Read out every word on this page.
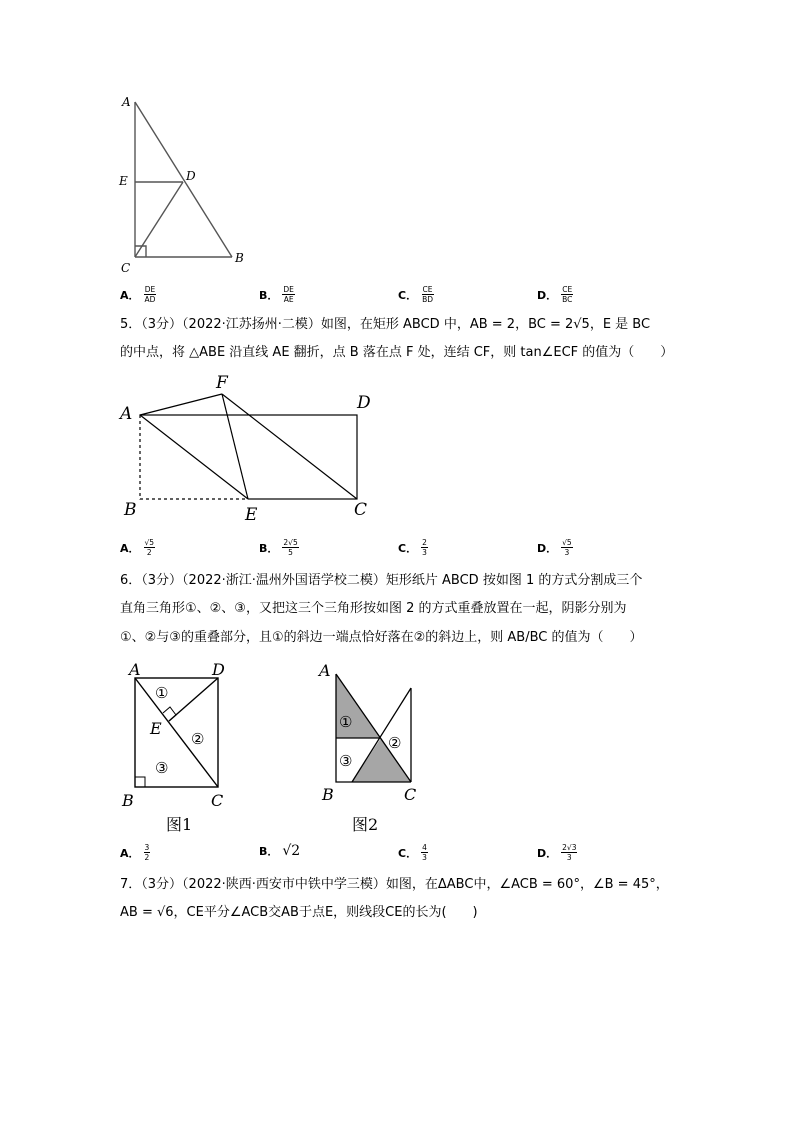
A
E	D
C
B
A． $\frac{DE}{AD}$	B． $\frac{DE}{AE}$	C． $\frac{CE}{BD}$	D． $\frac{CE}{BC}$
5．（3分）（2022·江苏扬州·二模）如图，在矩形 ABCD 中，AB = 2，BC = 2√5，E 是 BC
的中点，将 △ABE 沿直线 AE 翻折，点 B 落在点 F 处，连结 CF，则 tan∠ECF 的值为（　　）
A
F
D
B	E	C
A． $\frac{√5}{2}$	B． $\frac{2√5}{5}$	C． $\frac{2}{3}$	D． $\frac{√5}{3}$
6．（3分）（2022·浙江·温州外国语学校二模）矩形纸片 ABCD 按如图 1 的方式分割成三个
直角三角形①、②、③，又把这三个三角形按如图 2 的方式重叠放置在一起，阴影分别为
①、②与③的重叠部分，且①的斜边一端点恰好落在②的斜边上，则 AB/BC 的值为（　　）
A	D
E
B	C
①
②
③
图1
A
B	C
①
②
③
图2
A． $\frac{3}{2}$	B． √2	C． $\frac{4}{3}$	D． $\frac{2√3}{3}$
7．（3分）（2022·陕西·西安市中铁中学三模）如图，在ΔABC中，∠ACB = 60°，∠B = 45°，
AB = √6，CE平分∠ACB交AB于点E，则线段CE的长为(　　)
